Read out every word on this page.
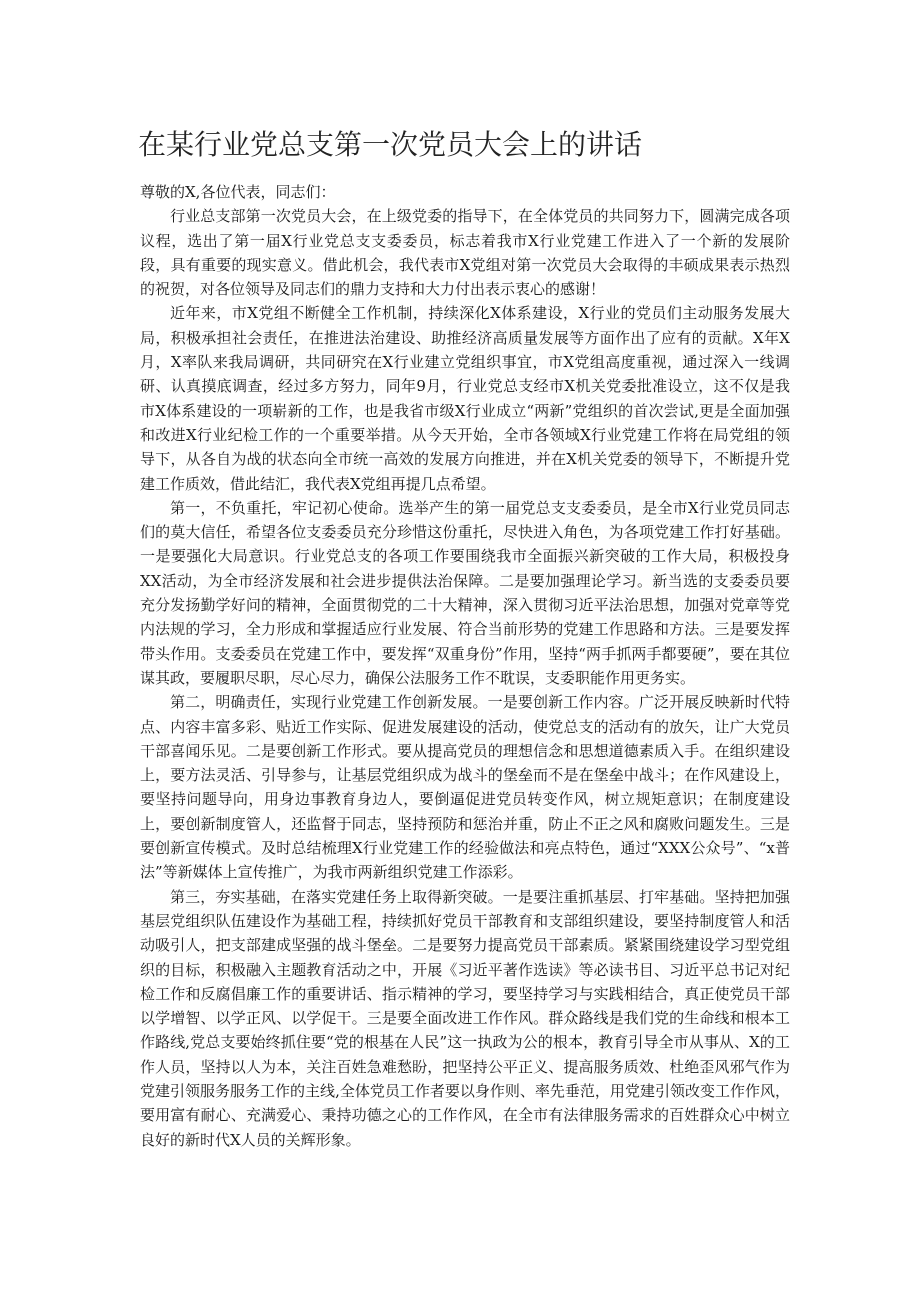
在某行业党总支第一次党员大会上的讲话

尊敬的X,各位代表，同志们：

行业总支部第一次党员大会，在上级党委的指导下，在全体党员的共同努力下，圆满完成各项议程，选出了第一届X行业党总支支委委员，标志着我市X行业党建工作进入了一个新的发展阶段，具有重要的现实意义。借此机会，我代表市X党组对第一次党员大会取得的丰硕成果表示热烈的祝贺，对各位领导及同志们的鼎力支持和大力付出表示衷心的感谢！

近年来，市X党组不断健全工作机制，持续深化X体系建设，X行业的党员们主动服务发展大局，积极承担社会责任，在推进法治建设、助推经济高质量发展等方面作出了应有的贡献。X年X月，X率队来我局调研，共同研究在X行业建立党组织事宜，市X党组高度重视，通过深入一线调研、认真摸底调查，经过多方努力，同年9月，行业党总支经市X机关党委批准设立，这不仅是我市X体系建设的一项崭新的工作，也是我省市级X行业成立“两新”党组织的首次尝试,更是全面加强和改进X行业纪检工作的一个重要举措。从今天开始，全市各领域X行业党建工作将在局党组的领导下，从各自为战的状态向全市统一高效的发展方向推进，并在X机关党委的领导下，不断提升党建工作质效，借此结汇，我代表X党组再提几点希望。

第一，不负重托，牢记初心使命。选举产生的第一届党总支支委委员，是全市X行业党员同志们的莫大信任，希望各位支委委员充分珍惜这份重托，尽快进入角色，为各项党建工作打好基础。一是要强化大局意识。行业党总支的各项工作要围绕我市全面振兴新突破的工作大局，积极投身XX活动，为全市经济发展和社会进步提供法治保障。二是要加强理论学习。新当选的支委委员要充分发扬勤学好问的精神，全面贯彻党的二十大精神，深入贯彻习近平法治思想，加强对党章等党内法规的学习，全力形成和掌握适应行业发展、符合当前形势的党建工作思路和方法。三是要发挥带头作用。支委委员在党建工作中，要发挥“双重身份”作用，坚持“两手抓两手都要硬”，要在其位谋其政，要履职尽职，尽心尽力，确保公法服务工作不耽误，支委职能作用更务实。

第二，明确责任，实现行业党建工作创新发展。一是要创新工作内容。广泛开展反映新时代特点、内容丰富多彩、贴近工作实际、促进发展建设的活动，使党总支的活动有的放矢，让广大党员干部喜闻乐见。二是要创新工作形式。要从提高党员的理想信念和思想道德素质入手。在组织建设上，要方法灵活、引导参与，让基层党组织成为战斗的堡垒而不是在堡垒中战斗；在作风建设上，要坚持问题导向，用身边事教育身边人，要倒逼促进党员转变作风，树立规矩意识；在制度建设上，要创新制度管人，还监督于同志，坚持预防和惩治并重，防止不正之风和腐败问题发生。三是要创新宣传模式。及时总结梳理X行业党建工作的经验做法和亮点特色，通过“XXX公众号”、“x普法”等新媒体上宣传推广，为我市两新组织党建工作添彩。

第三，夯实基础，在落实党建任务上取得新突破。一是要注重抓基层、打牢基础。坚持把加强基层党组织队伍建设作为基础工程，持续抓好党员干部教育和支部组织建设，要坚持制度管人和活动吸引人，把支部建成坚强的战斗堡垒。二是要努力提高党员干部素质。紧紧围绕建设学习型党组织的目标，积极融入主题教育活动之中，开展《习近平著作选读》等必读书目、习近平总书记对纪检工作和反腐倡廉工作的重要讲话、指示精神的学习，要坚持学习与实践相结合，真正使党员干部以学增智、以学正风、以学促干。三是要全面改进工作作风。群众路线是我们党的生命线和根本工作路线,党总支要始终抓住要“党的根基在人民”这一执政为公的根本，教育引导全市从事从、X的工作人员，坚持以人为本，关注百姓急难愁盼，把坚持公平正义、提高服务质效、杜绝歪风邪气作为党建引领服务服务工作的主线,全体党员工作者要以身作则、率先垂范，用党建引领改变工作作风，要用富有耐心、充满爱心、秉持功德之心的工作作风，在全市有法律服务需求的百姓群众心中树立良好的新时代X人员的关辉形象。
